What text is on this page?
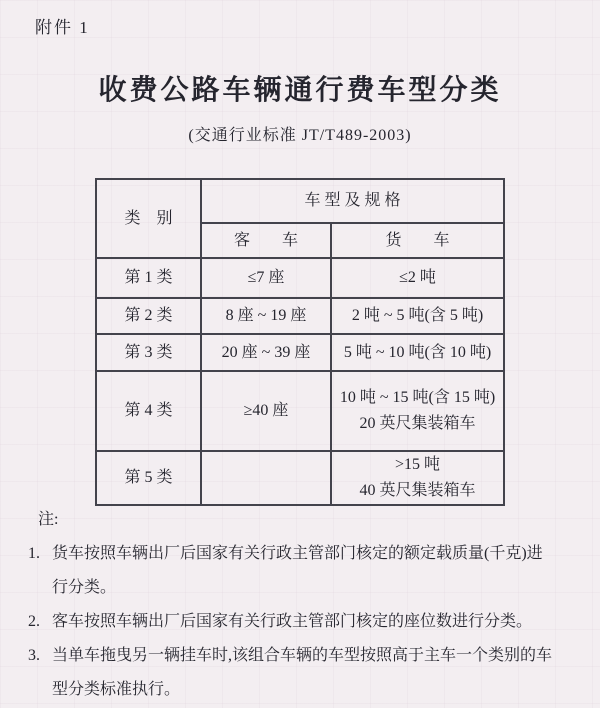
附件 1
收费公路车辆通行费车型分类
(交通行业标准 JT/T489-2003)
类　别	车 型 及 规 格	
	客　　车	货　　车
第 1 类	≤7 座	≤2 吨
第 2 类	8 座 ~ 19 座	2 吨 ~ 5 吨(含 5 吨)
第 3 类	20 座 ~ 39 座	5 吨 ~ 10 吨(含 10 吨)
第 4 类	≥40 座	10 吨 ~ 15 吨(含 15 吨)
20 英尺集装箱车

第 5 类		>15 吨
40 英尺集装箱车
注:
1. 货车按照车辆出厂后国家有关行政主管部门核定的额定载质量(千克)进行分类。
2. 客车按照车辆出厂后国家有关行政主管部门核定的座位数进行分类。
3. 当单车拖曳另一辆挂车时,该组合车辆的车型按照高于主车一个类别的车型分类标准执行。
